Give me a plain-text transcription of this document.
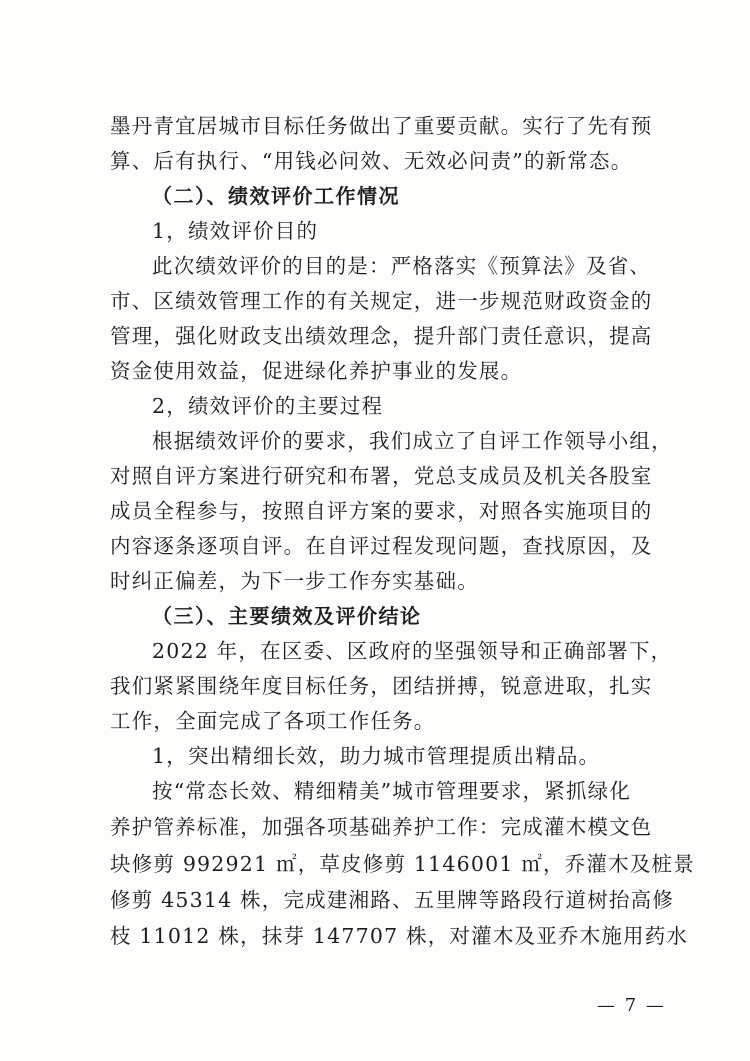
墨丹青宜居城市目标任务做出了重要贡献。实行了先有预
算、后有执行、“用钱必问效、无效必问责”的新常态。
（二）、绩效评价工作情况
1，绩效评价目的
此次绩效评价的目的是：严格落实《预算法》及省、
市、区绩效管理工作的有关规定，进一步规范财政资金的
管理，强化财政支出绩效理念，提升部门责任意识，提高
资金使用效益，促进绿化养护事业的发展。
2，绩效评价的主要过程
根据绩效评价的要求，我们成立了自评工作领导小组，
对照自评方案进行研究和布署，党总支成员及机关各股室
成员全程参与，按照自评方案的要求，对照各实施项目的
内容逐条逐项自评。在自评过程发现问题，查找原因，及
时纠正偏差，为下一步工作夯实基础。
（三）、主要绩效及评价结论
2022 年，在区委、区政府的坚强领导和正确部署下，
我们紧紧围绕年度目标任务，团结拼搏，锐意进取，扎实
工作，全面完成了各项工作任务。
1，突出精细长效，助力城市管理提质出精品。
按“常态长效、精细精美”城市管理要求，紧抓绿化
养护管养标准，加强各项基础养护工作：完成灌木模文色
块修剪 992921 ㎡，草皮修剪 1146001 ㎡，乔灌木及桩景
修剪 45314 株，完成建湘路、五里牌等路段行道树抬高修
枝 11012 株，抹芽 147707 株，对灌木及亚乔木施用药水
— 7 —
